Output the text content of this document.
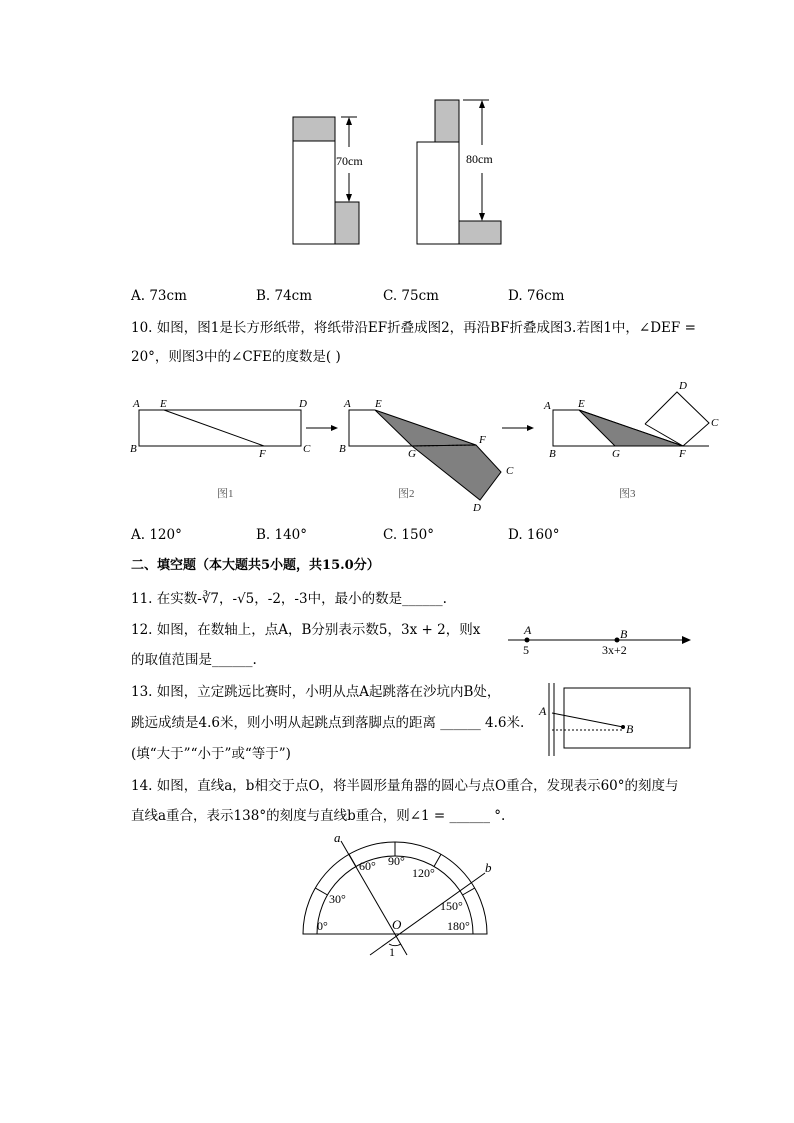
70cm	80cm
A. 73cm	B. 74cm	C. 75cm	D. 76cm
10. 如图，图1是长方形纸带，将纸带沿EF折叠成图2，再沿BF折叠成图3.若图1中，∠DEF =
20°，则图3中的∠CFE的度数是( )
A E	D
B	F	C
图1
A E
F
B	G
C
D
图2
A E
D
C
B	G	F
图3
A. 120°	B. 140°	C. 150°	D. 160°
二、填空题（本大题共5小题，共15.0分）
11. 在实数-∛7，-√5，-2，-3中，最小的数是______.
12. 如图，在数轴上，点A，B分别表示数5，3x + 2，则x
的取值范围是______.
A	B
5	3x+2
13. 如图，立定跳远比赛时，小明从点A起跳落在沙坑内B处，
跳远成绩是4.6米，则小明从起跳点到落脚点的距离 ______ 4.6米.
(填“大于”“小于”或“等于”)
A
B
14. 如图，直线a，b相交于点O，将半圆形量角器的圆心与点O重合，发现表示60°的刻度与
直线a重合，表示138°的刻度与直线b重合，则∠1 = ______ °.
a
b
O
1
0°
30°
60° 90°
120°
150°
180°
